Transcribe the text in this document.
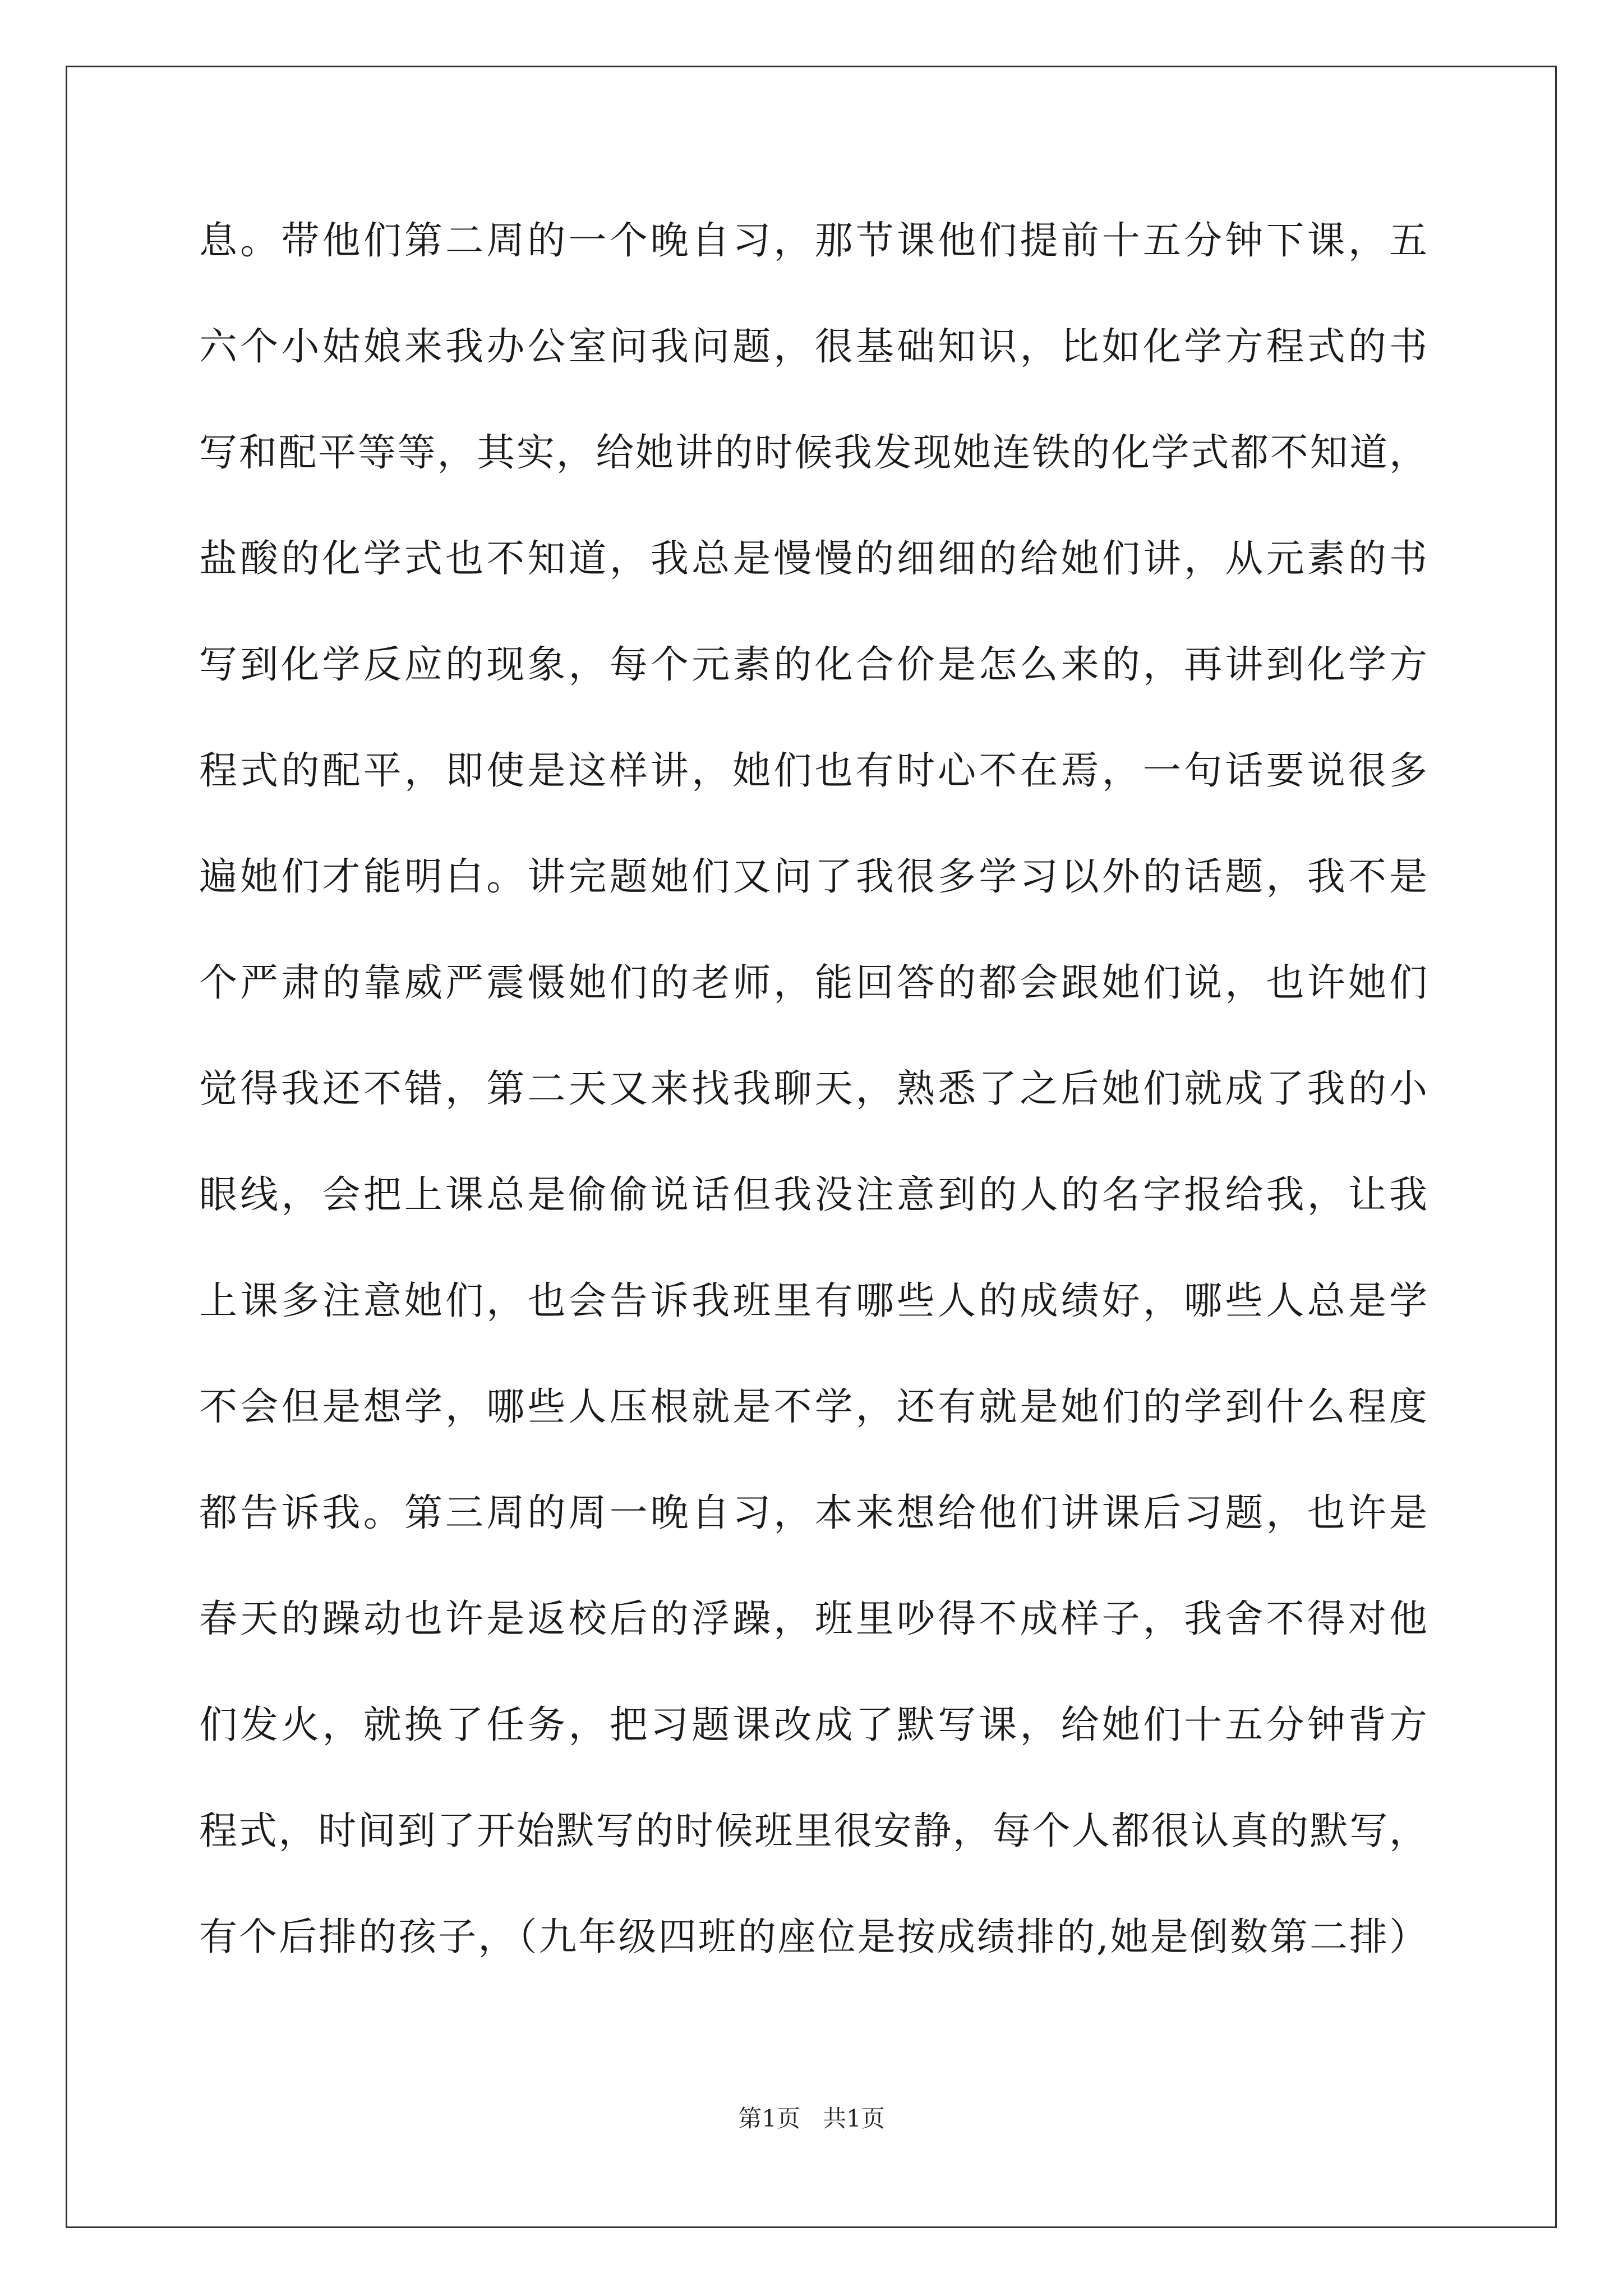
息。带他们第二周的一个晚自习，那节课他们提前十五分钟下课，五
六个小姑娘来我办公室问我问题，很基础知识，比如化学方程式的书
写和配平等等，其实，给她讲的时候我发现她连铁的化学式都不知道，
盐酸的化学式也不知道，我总是慢慢的细细的给她们讲，从元素的书
写到化学反应的现象，每个元素的化合价是怎么来的，再讲到化学方
程式的配平，即使是这样讲，她们也有时心不在焉，一句话要说很多
遍她们才能明白。讲完题她们又问了我很多学习以外的话题，我不是
个严肃的靠威严震慑她们的老师，能回答的都会跟她们说，也许她们
觉得我还不错，第二天又来找我聊天，熟悉了之后她们就成了我的小
眼线，会把上课总是偷偷说话但我没注意到的人的名字报给我，让我
上课多注意她们，也会告诉我班里有哪些人的成绩好，哪些人总是学
不会但是想学，哪些人压根就是不学，还有就是她们的学到什么程度
都告诉我。第三周的周一晚自习，本来想给他们讲课后习题，也许是
春天的躁动也许是返校后的浮躁，班里吵得不成样子，我舍不得对他
们发火，就换了任务，把习题课改成了默写课，给她们十五分钟背方
程式，时间到了开始默写的时候班里很安静，每个人都很认真的默写，
有个后排的孩子，（九年级四班的座位是按成绩排的,她是倒数第二排）
第1页   共1页
